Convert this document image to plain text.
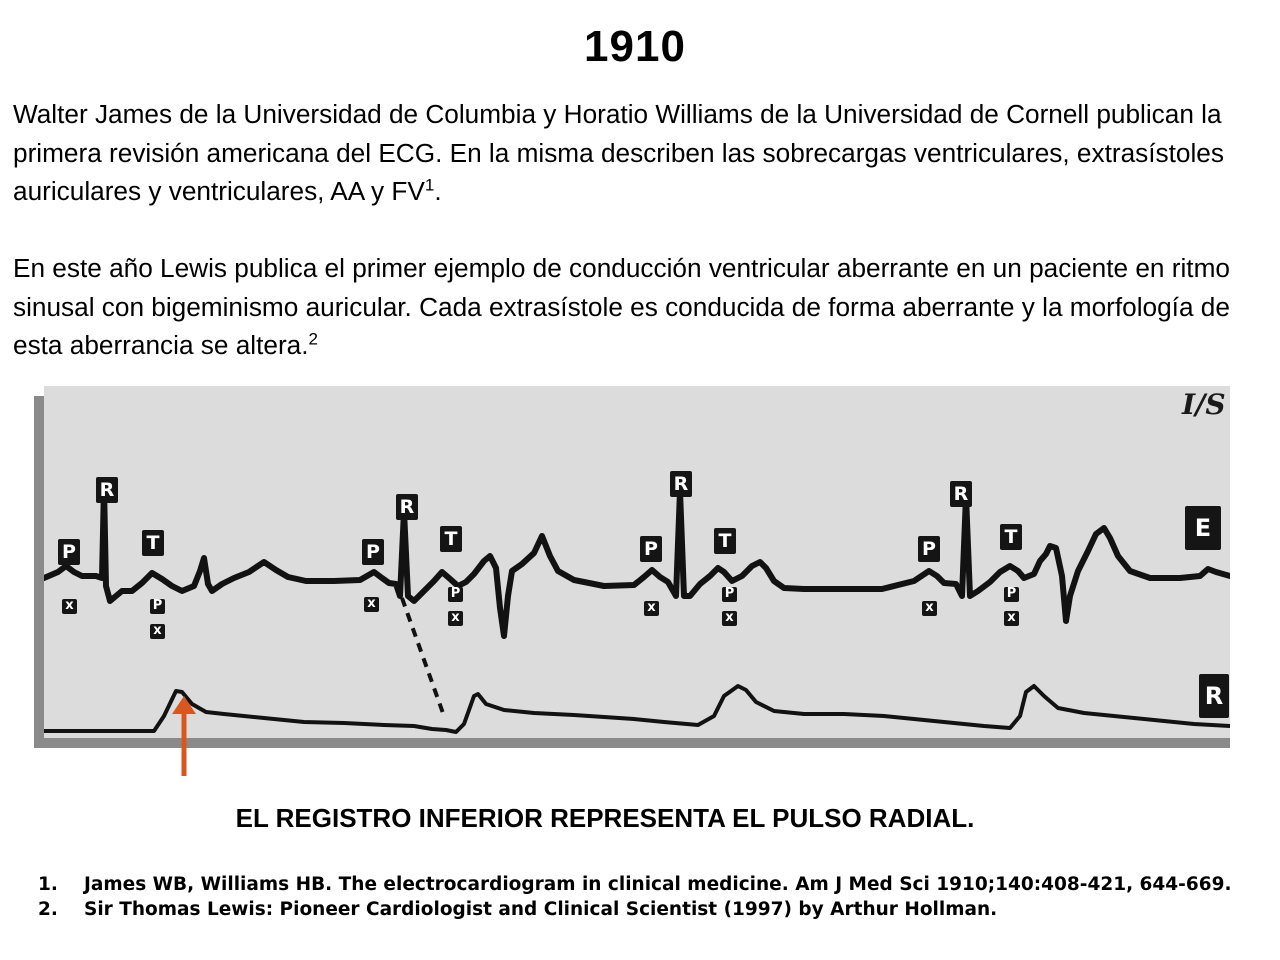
1910

Walter James de la Universidad de Columbia y Horatio Williams de la Universidad de Cornell publican la primera revisión americana del ECG. En la misma describen las sobrecargas ventriculares, extrasístoles auriculares y ventriculares, AA y $FV^1$.

En este año Lewis publica el primer ejemplo de conducción ventricular aberrante en un paciente en ritmo sinusal con bigeminismo auricular. Cada extrasístole es conducida de forma aberrante y la morfología de esta aberrancia se altera.$^2$

I/S
E
R
P
x
R
T
P
x
P
x
R
T
P
x
P
x
R
T
P
x
P
x
R
T
P
x
EL REGISTRO INFERIOR REPRESENTA EL PULSO RADIAL.
1. James WB, Williams HB. The electrocardiogram in clinical medicine. Am J Med Sci 1910;140:408-421, 644-669.
2. Sir Thomas Lewis: Pioneer Cardiologist and Clinical Scientist (1997) by Arthur Hollman.
